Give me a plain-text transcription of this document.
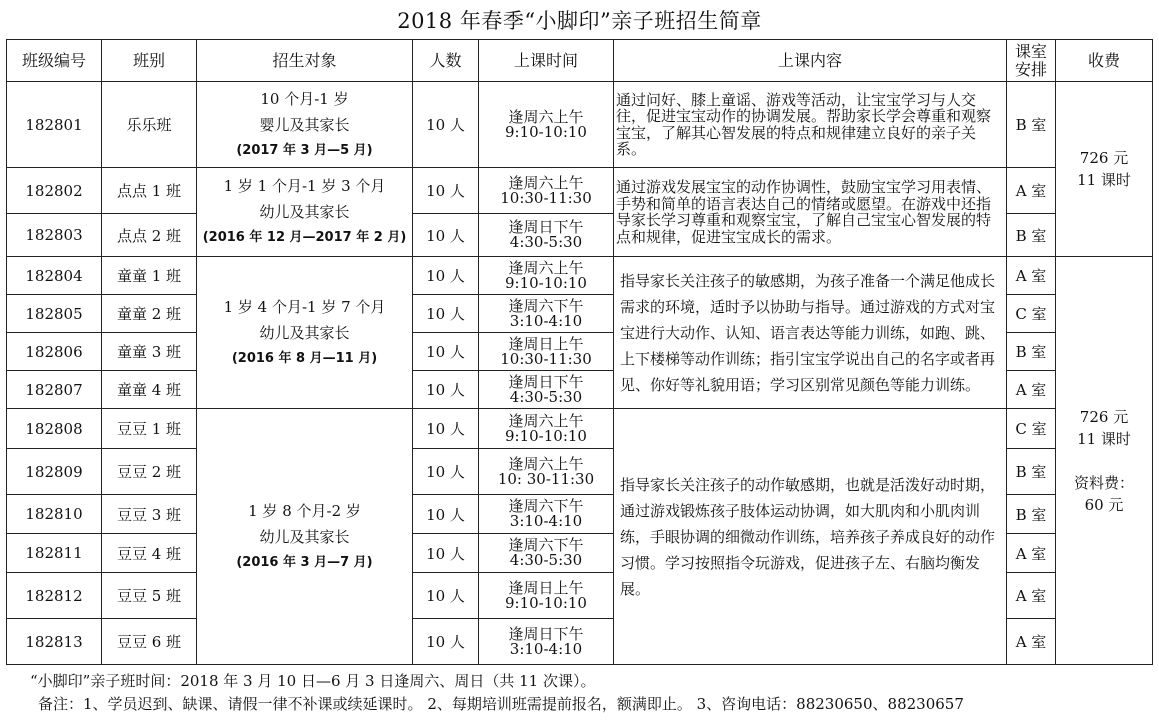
2018 年春季“小脚印”亲子班招生简章
班级编号	班别	招生对象	人数	上课时间	上课内容	课室
安排	收费
182801	乐乐班	10 个月-1 岁
婴儿及其家长
(2017 年 3 月—5 月)	10 人	逢周六上午
9:10-10:10	通过问好、膝上童谣、游戏等活动，让宝宝学习与人交往，促进宝宝动作的协调发展。帮助家长学会尊重和观察宝宝，了解其心智发展的特点和规律建立良好的亲子关系。	B 室	726 元
11 课时
182802	点点 1 班	1 岁 1 个月-1 岁 3 个月
幼儿及其家长
(2016 年 12 月—2017 年 2 月)	10 人	逢周六上午
10:30-11:30	通过游戏发展宝宝的动作协调性，鼓励宝宝学习用表情、手势和简单的语言表达自己的情绪或愿望。在游戏中还指导家长学习尊重和观察宝宝，了解自己宝宝心智发展的特点和规律，促进宝宝成长的需求。	A 室	
182803	点点 2 班		10 人	逢周日下午
4:30-5:30		B 室	
182804	童童 1 班	1 岁 4 个月-1 岁 7 个月
幼儿及其家长
(2016 年 8 月—11 月)	10 人	逢周六上午
9:10-10:10	指导家长关注孩子的敏感期，为孩子准备一个满足他成长需求的环境，适时予以协助与指导。通过游戏的方式对宝宝进行大动作、认知、语言表达等能力训练，如跑、跳、上下楼梯等动作训练；指引宝宝学说出自己的名字或者再见、你好等礼貌用语；学习区别常见颜色等能力训练。	A 室	726 元
11 课时

资料费：
60 元
182805	童童 2 班		10 人	逢周六下午
3:10-4:10		C 室	
182806	童童 3 班		10 人	逢周日上午
10:30-11:30		B 室	
182807	童童 4 班		10 人	逢周日下午
4:30-5:30		A 室	
182808	豆豆 1 班	1 岁 8 个月-2 岁
幼儿及其家长
(2016 年 3 月—7 月)	10 人	逢周六上午
9:10-10:10	指导家长关注孩子的动作敏感期，也就是活泼好动时期，通过游戏锻炼孩子肢体运动协调，如大肌肉和小肌肉训练，手眼协调的细微动作训练，培养孩子养成良好的动作习惯。学习按照指令玩游戏，促进孩子左、右脑均衡发展。	C 室	
182809	豆豆 2 班		10 人	逢周六上午
10: 30-11:30		B 室	
182810	豆豆 3 班		10 人	逢周六下午
3:10-4:10		B 室	
182811	豆豆 4 班		10 人	逢周六下午
4:30-5:30		A 室	
182812	豆豆 5 班		10 人	逢周日上午
9:10-10:10		A 室	
182813	豆豆 6 班		10 人	逢周日下午
3:10-4:10		A 室	
“小脚印”亲子班时间：2018 年 3 月 10 日—6 月 3 日逢周六、周日（共 11 次课）。
备注：1、学员迟到、缺课、请假一律不补课或续延课时。 2、每期培训班需提前报名，额满即止。 3、咨询电话：88230650、88230657
